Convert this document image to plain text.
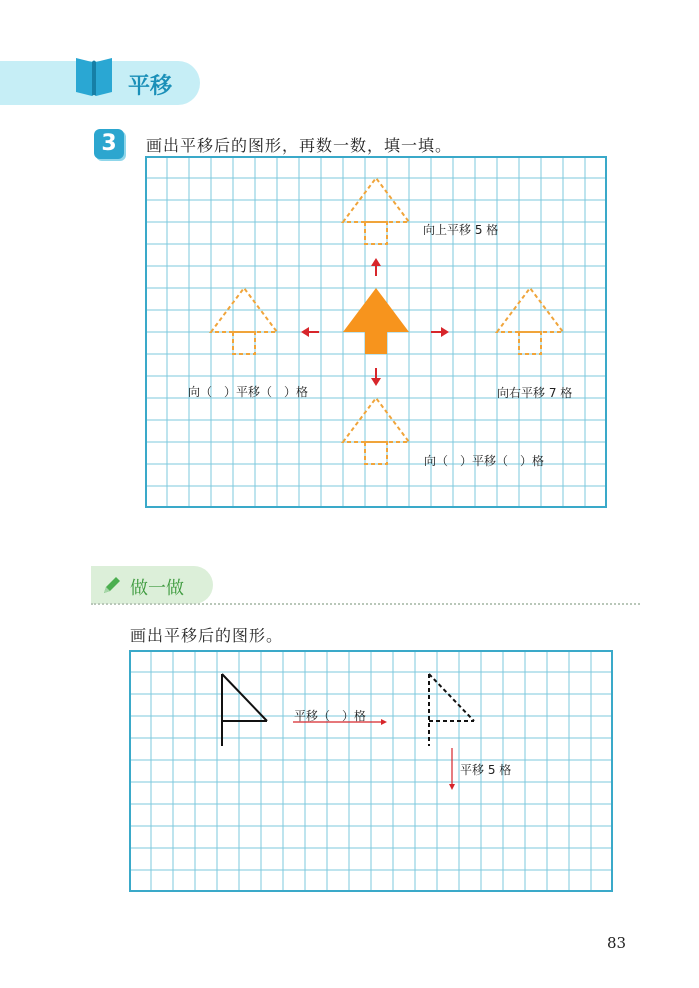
平移
3	画出平移后的图形，再数一数，填一填。
向上平移 5 格
向（　）平移（　）格	向右平移 7 格
向（　）平移（　）格
做一做
画出平移后的图形。
平移（　）格
平移 5 格
83
